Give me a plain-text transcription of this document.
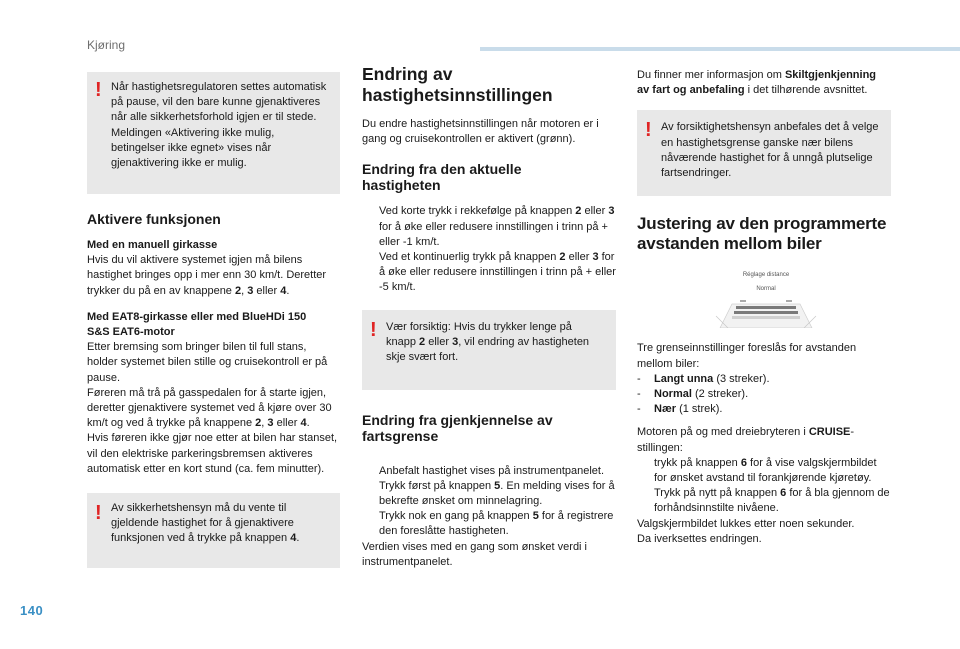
Kjøring
! Når hastighetsregulatoren settes automatisk på pause, vil den bare kunne gjenaktiveres når alle sikkerhetsforhold igjen er til stede. Meldingen «Aktivering ikke mulig, betingelser ikke egnet» vises når gjenaktivering ikke er mulig.

Aktivere funksjonen

Med en manuell girkasse

Hvis du vil aktivere systemet igjen må bilens hastighet bringes opp i mer enn 30 km/t. Deretter trykker du på en av knappene 2, 3 eller 4.

Med EAT8-girkasse eller med BlueHDi 150

S&S EAT6-motor

Etter bremsing som bringer bilen til full stans, holder systemet bilen stille og cruisekontroll er på pause.

Føreren må trå på gasspedalen for å starte igjen, deretter gjenaktivere systemet ved å kjøre over 30 km/t og ved å trykke på knappene 2, 3 eller 4.

Hvis føreren ikke gjør noe etter at bilen har stanset, vil den elektriske parkeringsbremsen aktiveres automatisk etter en kort stund (ca. fem minutter).

! Av sikkerhetshensyn må du vente til gjeldende hastighet for å gjenaktivere funksjonen ved å trykke på knappen 4.

Endring av
hastighetsinnstillingen

Du endre hastighetsinnstillingen når motoren er i gang og cruisekontrollen er aktivert (grønn).

Endring fra den aktuelle
hastigheten

Ved korte trykk i rekkefølge på knappen 2 eller 3 for å øke eller redusere innstillingen i trinn på + eller -1 km/t.

Ved et kontinuerlig trykk på knappen 2 eller 3 for å øke eller redusere innstillingen i trinn på + eller -5 km/t.

! Vær forsiktig: Hvis du trykker lenge på knapp 2 eller 3, vil endring av hastigheten skje svært fort.

Endring fra gjenkjennelse av
fartsgrense

Anbefalt hastighet vises på instrumentpanelet.

Trykk først på knappen 5. En melding vises for å bekrefte ønsket om minnelagring.

Trykk nok en gang på knappen 5 for å registrere den foreslåtte hastigheten.

Verdien vises med en gang som ønsket verdi i instrumentpanelet.

Du finner mer informasjon om Skiltgjenkjenning av fart og anbefaling i det tilhørende avsnittet.

! Av forsiktighetshensyn anbefales det å velge en hastighetsgrense ganske nær bilens nåværende hastighet for å unngå plutselige fartsendringer.

Justering av den programmerte
avstanden mellom biler
Réglage distance
Normal

Tre grenseinnstillinger foreslås for avstanden mellom biler:

- Langt unna (3 streker).

- Normal (2 streker).

- Nær (1 strek).

Motoren på og med dreiebryteren i CRUISE-stillingen:

trykk på knappen 6 for å vise valgskjermbildet for ønsket avstand til forankjørende kjøretøy.

Trykk på nytt på knappen 6 for å bla gjennom de forhåndsinnstilte nivåene.

Valgskjermbildet lukkes etter noen sekunder.

Da iverksettes endringen.

140
